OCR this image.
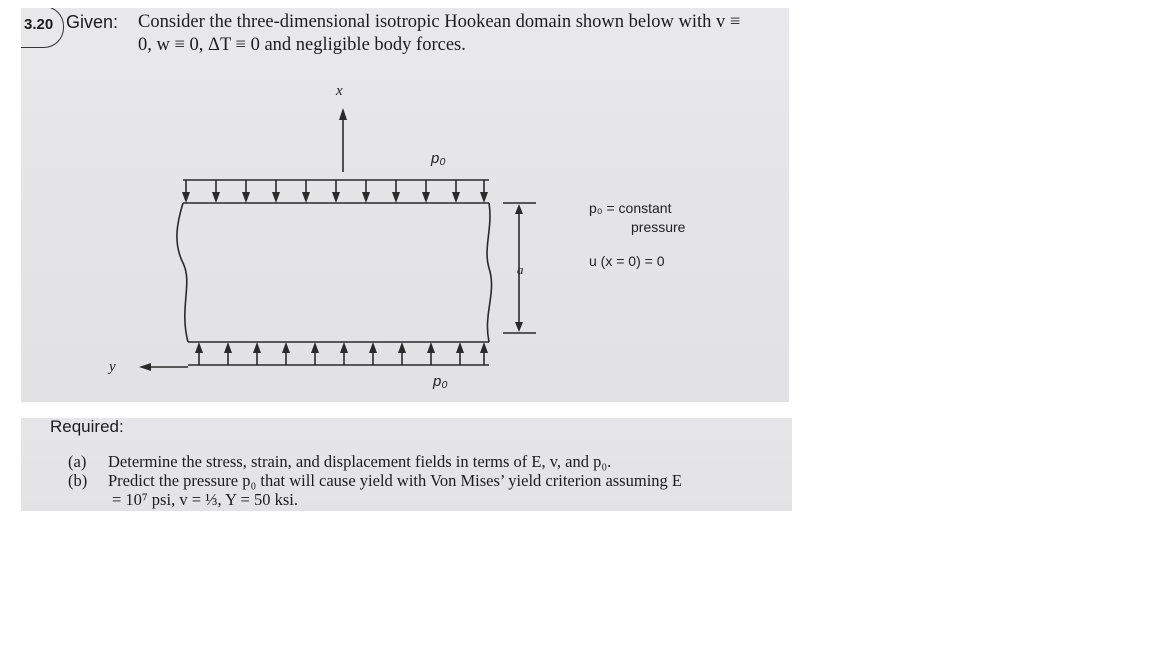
3.20 Given: Consider the three-dimensional isotropic Hookean domain shown below with v ≡
0, w ≡ 0, ΔT ≡ 0 and negligible body forces.
x
y
p₀
p₀
a
p₀ = constant
pressure
u (x = 0) = 0
Required:
(a) Determine the stress, strain, and displacement fields in terms of E, v, and p₀.
(b) Predict the pressure p₀ that will cause yield with Von Mises’ yield criterion assuming E
= 10⁷ psi, v = ⅓, Y = 50 ksi.
